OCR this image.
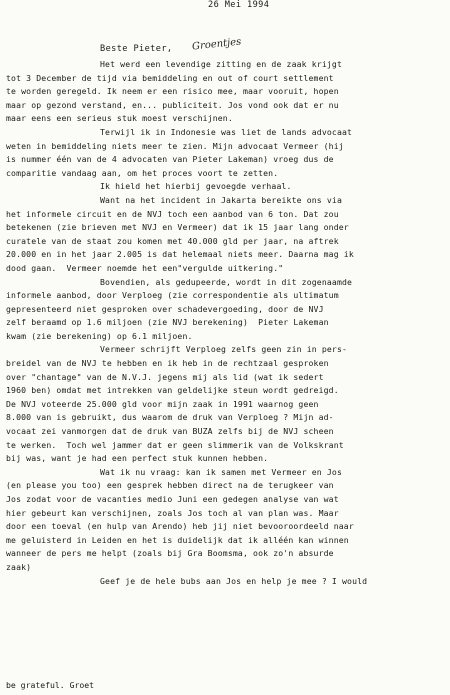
26 Mei 1994
Beste Pieter, Groentjes
Het werd een levendige zitting en de zaak krijgt
tot 3 December de tijd via bemiddeling en out of court settlement
te worden geregeld. Ik neem er een risico mee, maar vooruit, hopen
maar op gezond verstand, en... publiciteit. Jos vond ook dat er nu
maar eens een serieus stuk moest verschijnen.
Terwijl ik in Indonesie was liet de lands advocaat
weten in bemiddeling niets meer te zien. Mijn advocaat Vermeer (hij
is nummer één van de 4 advocaten van Pieter Lakeman) vroeg dus de
comparitie vandaag aan, om het proces voort te zetten.
Ik hield het hierbij gevoegde verhaal.
Want na het incident in Jakarta bereikte ons via
het informele circuit en de NVJ toch een aanbod van 6 ton. Dat zou
betekenen (zie brieven met NVJ en Vermeer) dat ik 15 jaar lang onder
curatele van de staat zou komen met 40.000 gld per jaar, na aftrek
20.000 en in het jaar 2.005 is dat helemaal niets meer. Daarna mag ik
dood gaan.  Vermeer noemde het een"vergulde uitkering."
Bovendien, als gedupeerde, wordt in dit zogenaamde
informele aanbod, door Verploeg (zie correspondentie als ultimatum
gepresenteerd niet gesproken over schadevergoeding, door de NVJ
zelf beraamd op 1.6 miljoen (zie NVJ berekening)  Pieter Lakeman
kwam (zie berekening) op 6.1 miljoen.
Vermeer schrijft Verploeg zelfs geen zin in pers-
breidel van de NVJ te hebben en ik heb in de rechtzaal gesproken
over "chantage" van de N.V.J. jegens mij als lid (wat ik sedert
1960 ben) omdat met intrekken van geldelijke steun wordt gedreigd.
De NVJ voteerde 25.000 gld voor mijn zaak in 1991 waarnog geen
8.000 van is gebruikt, dus waarom de druk van Verploeg ? Mijn ad-
vocaat zei vanmorgen dat de druk van BUZA zelfs bij de NVJ scheen
te werken.  Toch wel jammer dat er geen slimmerik van de Volkskrant
bij was, want je had een perfect stuk kunnen hebben.
Wat ik nu vraag: kan ik samen met Vermeer en Jos
(en please you too) een gesprek hebben direct na de terugkeer van
Jos zodat voor de vacanties medio Juni een gedegen analyse van wat
hier gebeurt kan verschijnen, zoals Jos toch al van plan was. Maar
door een toeval (en hulp van Arendo) heb jij niet bevooroordeeld naar
me geluisterd in Leiden en het is duidelijk dat ik alléén kan winnen
wanneer de pers me helpt (zoals bij Gra Boomsma, ook zo'n absurde
zaak)
Geef je de hele bubs aan Jos en help je mee ? I would
be grateful. Groet
